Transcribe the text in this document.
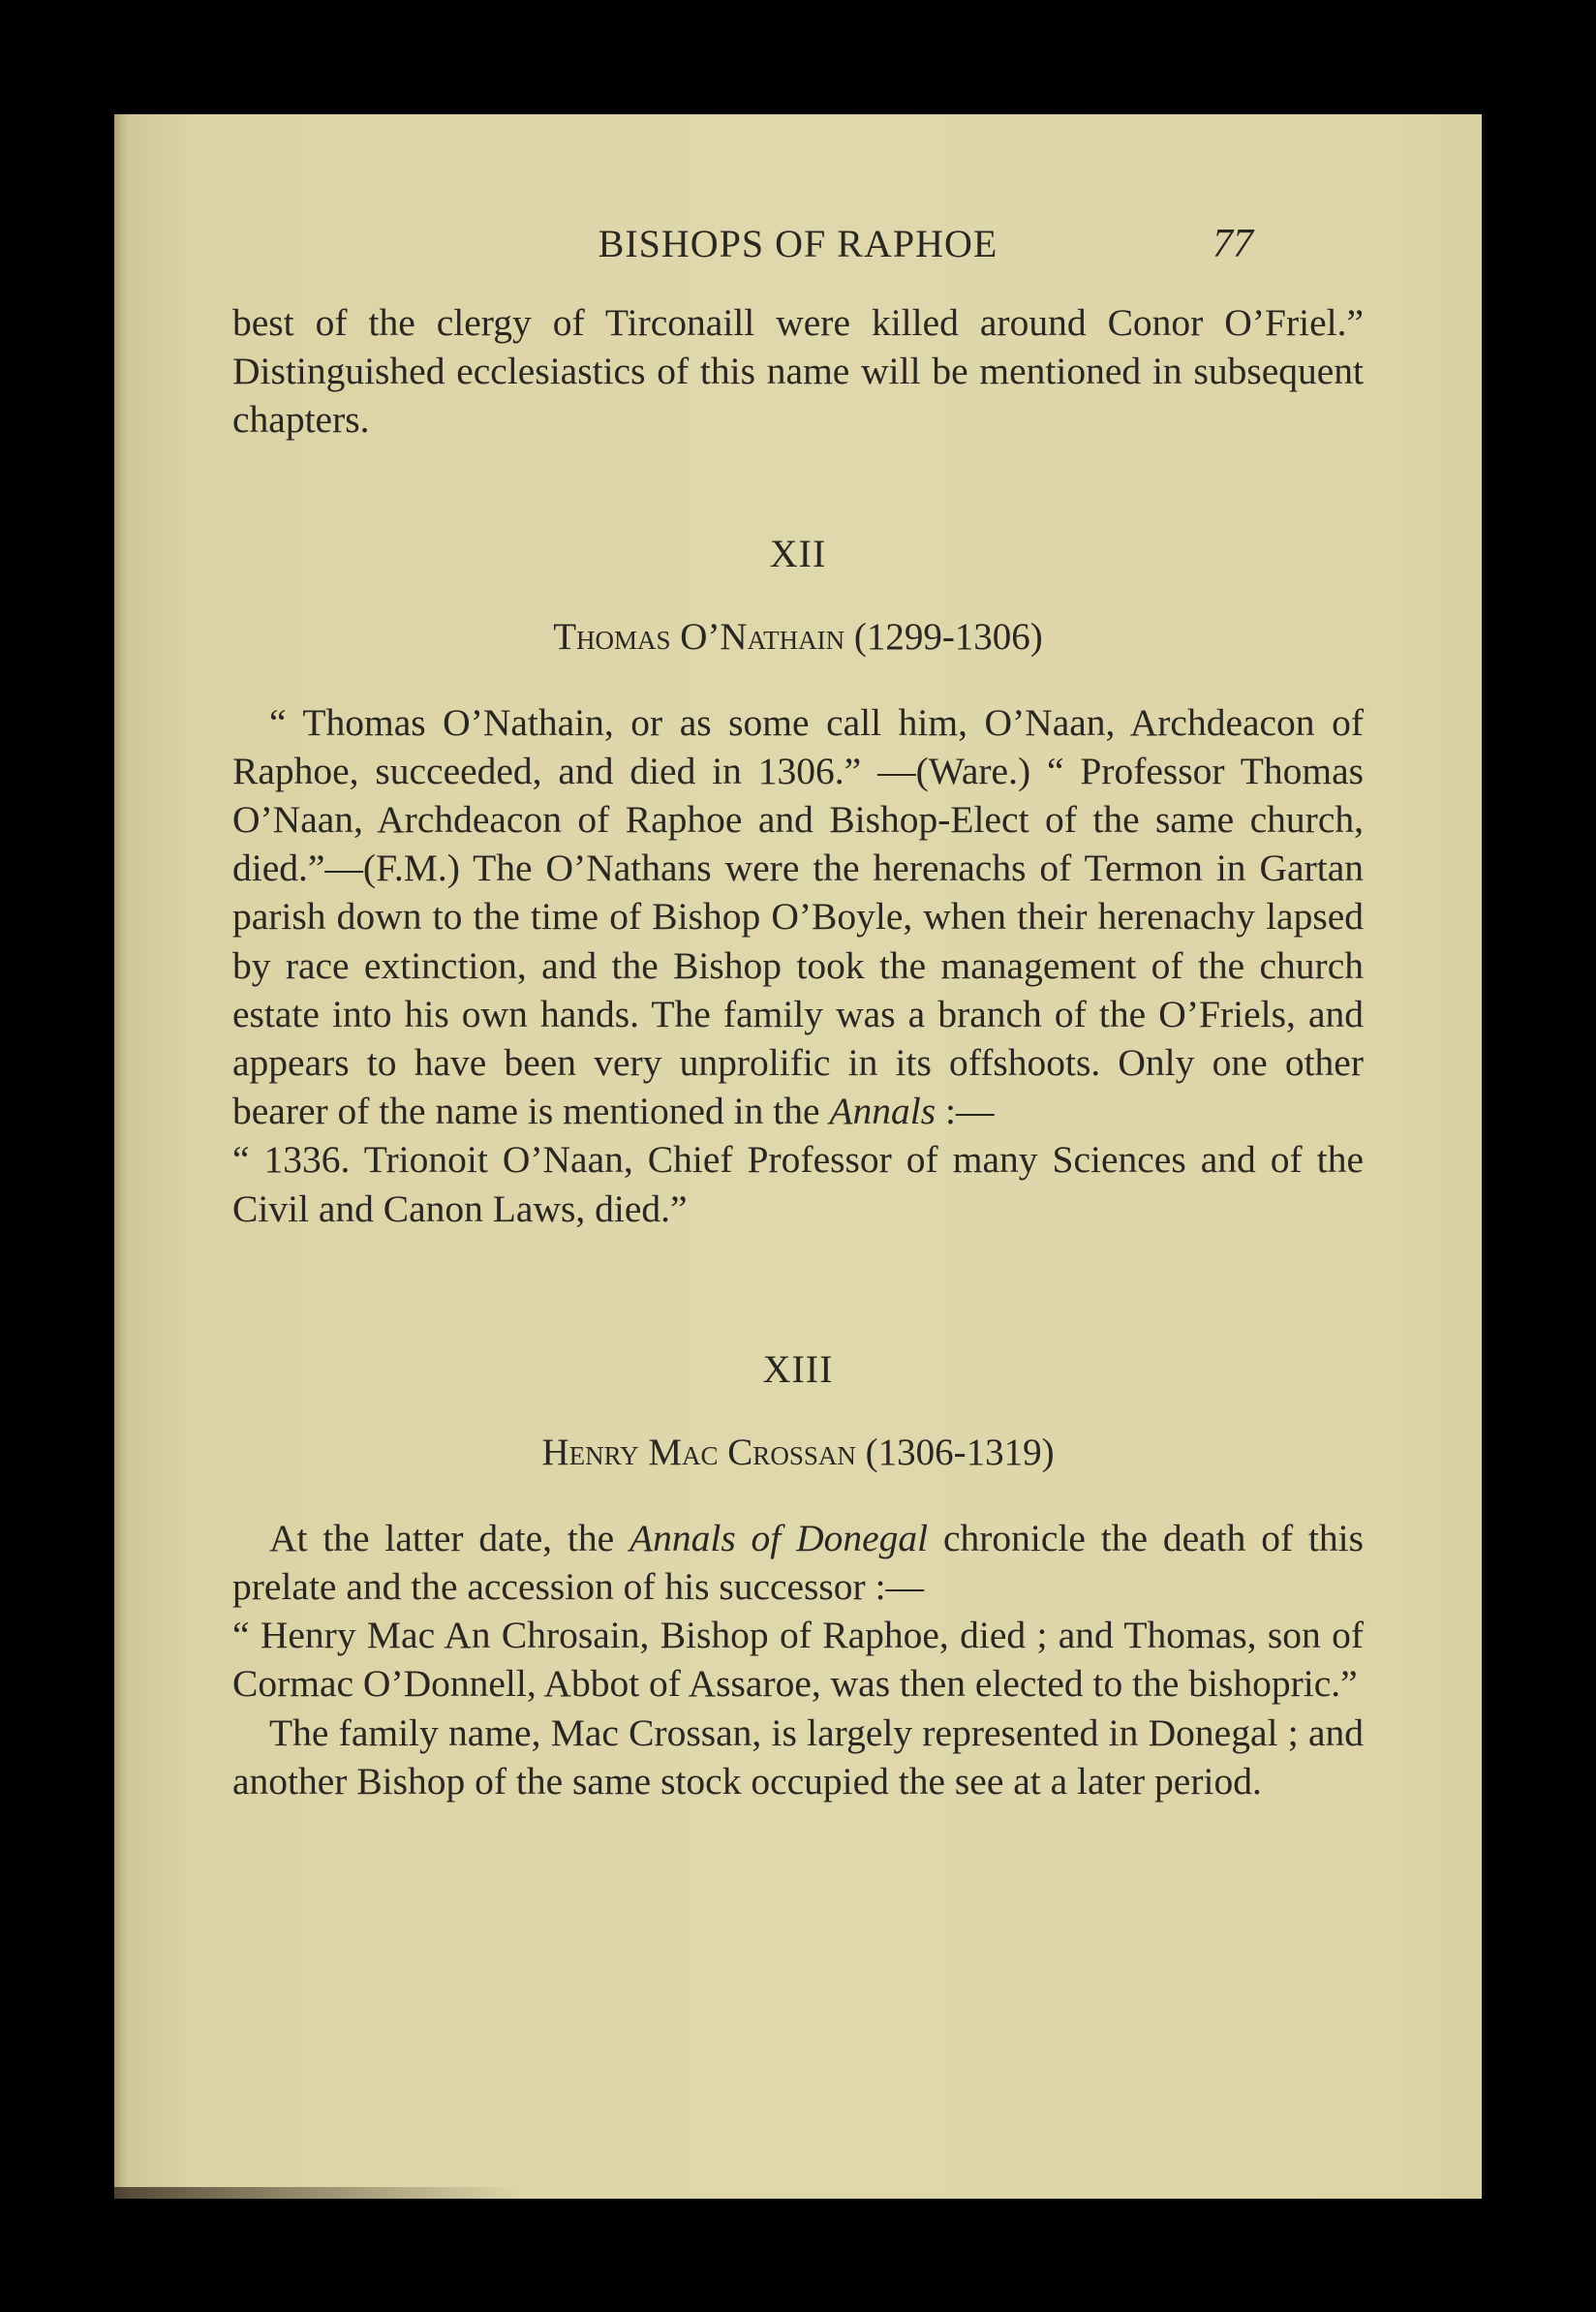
BISHOPS OF RAPHOE	77

best of the clergy of Tirconaill were killed around Conor O’Friel.” Distinguished ecclesiastics of this name will be mentioned in subsequent chapters.

XII
Thomas O’Nathain (1299-1306)

“ Thomas O’Nathain, or as some call him, O’Naan, Archdeacon of Raphoe, succeeded, and died in 1306.” —(Ware.) “ Professor Thomas O’Naan, Archdeacon of Raphoe and Bishop-Elect of the same church, died.”—(F.M.) The O’Nathans were the herenachs of Termon in Gartan parish down to the time of Bishop O’Boyle, when their herenachy lapsed by race extinction, and the Bishop took the management of the church estate into his own hands. The family was a branch of the O’Friels, and appears to have been very unprolific in its offshoots. Only one other bearer of the name is mentioned in the Annals :—

“ 1336. Trionoit O’Naan, Chief Professor of many Sciences and of the Civil and Canon Laws, died.”

XIII
Henry Mac Crossan (1306-1319)

At the latter date, the Annals of Donegal chronicle the death of this prelate and the accession of his successor :—

“ Henry Mac An Chrosain, Bishop of Raphoe, died ; and Thomas, son of Cormac O’Donnell, Abbot of Assaroe, was then elected to the bishopric.”

The family name, Mac Crossan, is largely represented in Donegal ; and another Bishop of the same stock occupied the see at a later period.
